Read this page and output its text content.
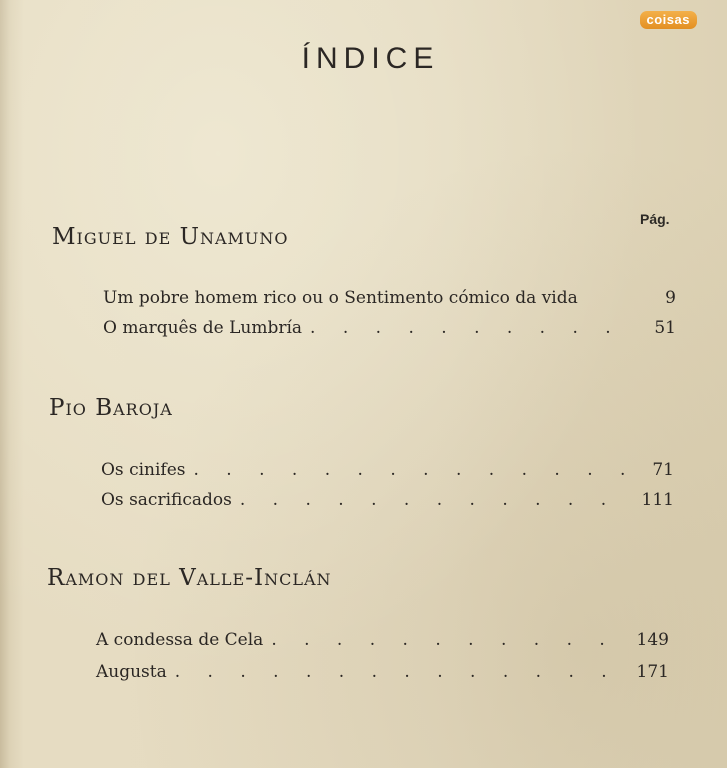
coisas
ÍNDICE
Pág.
Miguel de Unamuno
Um pobre homem rico ou o Sentimento cómico da vida	9
O marquês de Lumbría . . .	51
Pio Baroja
Os cinifes . . .	71
Os sacrificados . . .	111
Ramon del Valle-Inclán
A condessa de Cela . . .	149
Augusta . . .	171
